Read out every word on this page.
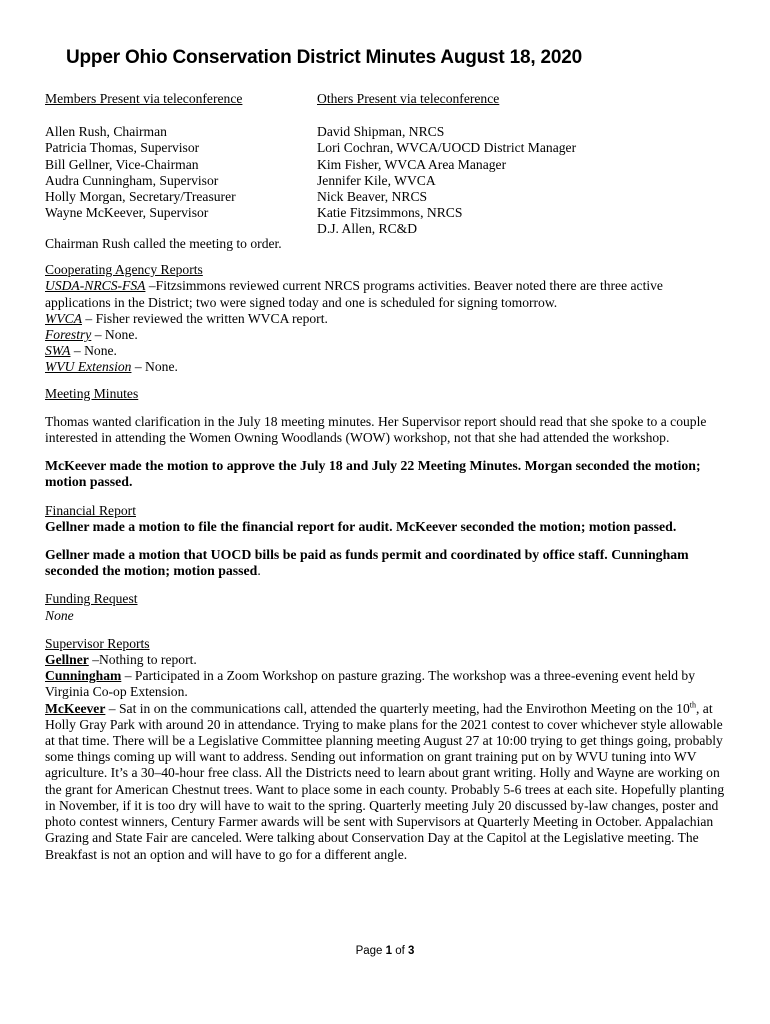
Upper Ohio Conservation District Minutes August 18, 2020
Members Present via teleconference
Allen Rush, Chairman
Patricia Thomas, Supervisor
Bill Gellner, Vice-Chairman
Audra Cunningham, Supervisor
Holly Morgan, Secretary/Treasurer
Wayne McKeever, Supervisor
Others Present via teleconference
David Shipman, NRCS
Lori Cochran, WVCA/UOCD District Manager
Kim Fisher, WVCA Area Manager
Jennifer Kile, WVCA
Nick Beaver, NRCS
Katie Fitzsimmons, NRCS
D.J. Allen, RC&D

Chairman Rush called the meeting to order.

Cooperating Agency Reports

USDA-NRCS-FSA –Fitzsimmons reviewed current NRCS programs activities. Beaver noted there are three active applications in the District; two were signed today and one is scheduled for signing tomorrow.

WVCA – Fisher reviewed the written WVCA report.

Forestry – None.

SWA – None.

WVU Extension – None.

Meeting Minutes

Thomas wanted clarification in the July 18 meeting minutes. Her Supervisor report should read that she spoke to a couple interested in attending the Women Owning Woodlands (WOW) workshop, not that she had attended the workshop.

McKeever made the motion to approve the July 18 and July 22 Meeting Minutes. Morgan seconded the motion; motion passed.

Financial Report

Gellner made a motion to file the financial report for audit. McKeever seconded the motion; motion passed.

Gellner made a motion that UOCD bills be paid as funds permit and coordinated by office staff. Cunningham seconded the motion; motion passed.

Funding Request
None
Supervisor Reports

Gellner –Nothing to report.

Cunningham – Participated in a Zoom Workshop on pasture grazing. The workshop was a three-evening event held by Virginia Co-op Extension.

McKeever – Sat in on the communications call, attended the quarterly meeting, had the Envirothon Meeting on the 10th, at Holly Gray Park with around 20 in attendance. Trying to make plans for the 2021 contest to cover whichever style allowable at that time. There will be a Legislative Committee planning meeting August 27 at 10:00 trying to get things going, probably some things coming up will want to address. Sending out information on grant training put on by WVU tuning into WV agriculture. It’s a 30–40-hour free class. All the Districts need to learn about grant writing. Holly and Wayne are working on the grant for American Chestnut trees. Want to place some in each county. Probably 5-6 trees at each site. Hopefully planting in November, if it is too dry will have to wait to the spring. Quarterly meeting July 20 discussed by-law changes, poster and photo contest winners, Century Farmer awards will be sent with Supervisors at Quarterly Meeting in October. Appalachian Grazing and State Fair are canceled. Were talking about Conservation Day at the Capitol at the Legislative meeting. The Breakfast is not an option and will have to go for a different angle.

Page 1 of 3
